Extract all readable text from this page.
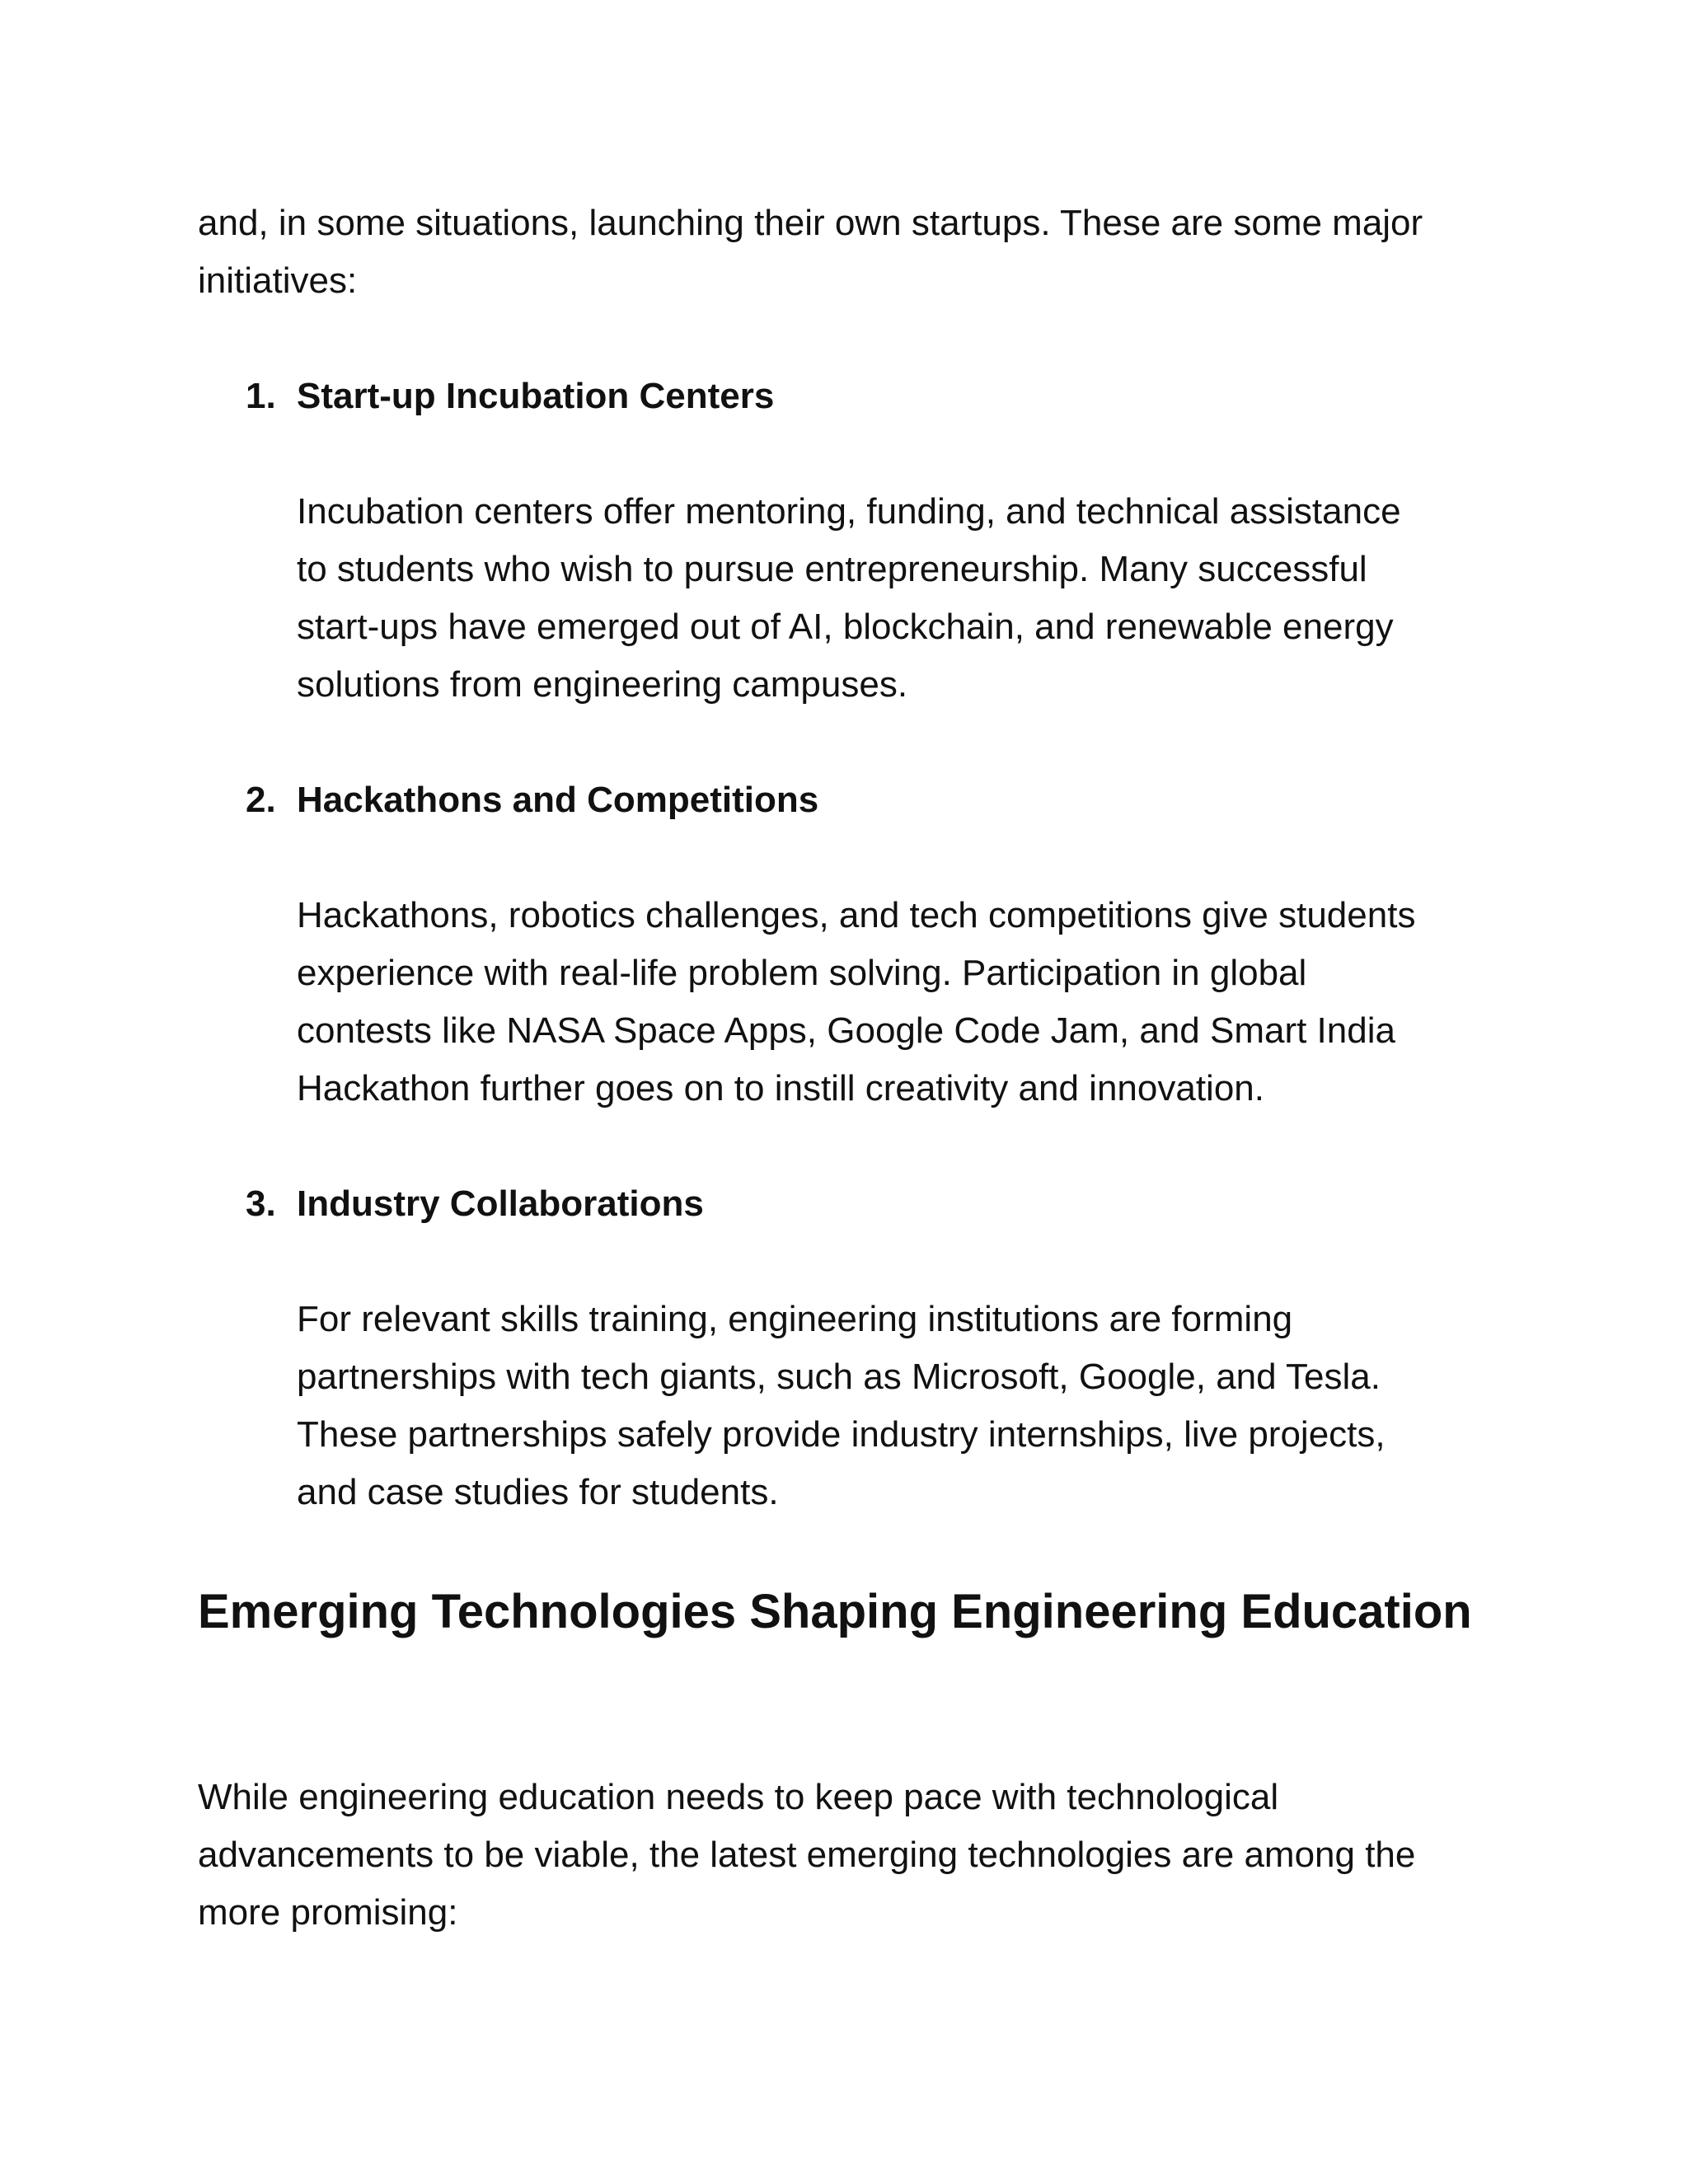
and, in some situations, launching their own startups. These are some major
initiatives:

1. Start-up Incubation Centers

Incubation centers offer mentoring, funding, and technical assistance
to students who wish to pursue entrepreneurship. Many successful
start-ups have emerged out of AI, blockchain, and renewable energy
solutions from engineering campuses.

2. Hackathons and Competitions

Hackathons, robotics challenges, and tech competitions give students
experience with real-life problem solving. Participation in global
contests like NASA Space Apps, Google Code Jam, and Smart India
Hackathon further goes on to instill creativity and innovation.

3. Industry Collaborations

For relevant skills training, engineering institutions are forming
partnerships with tech giants, such as Microsoft, Google, and Tesla.
These partnerships safely provide industry internships, live projects,
and case studies for students.

Emerging Technologies Shaping Engineering Education

While engineering education needs to keep pace with technological
advancements to be viable, the latest emerging technologies are among the
more promising:
